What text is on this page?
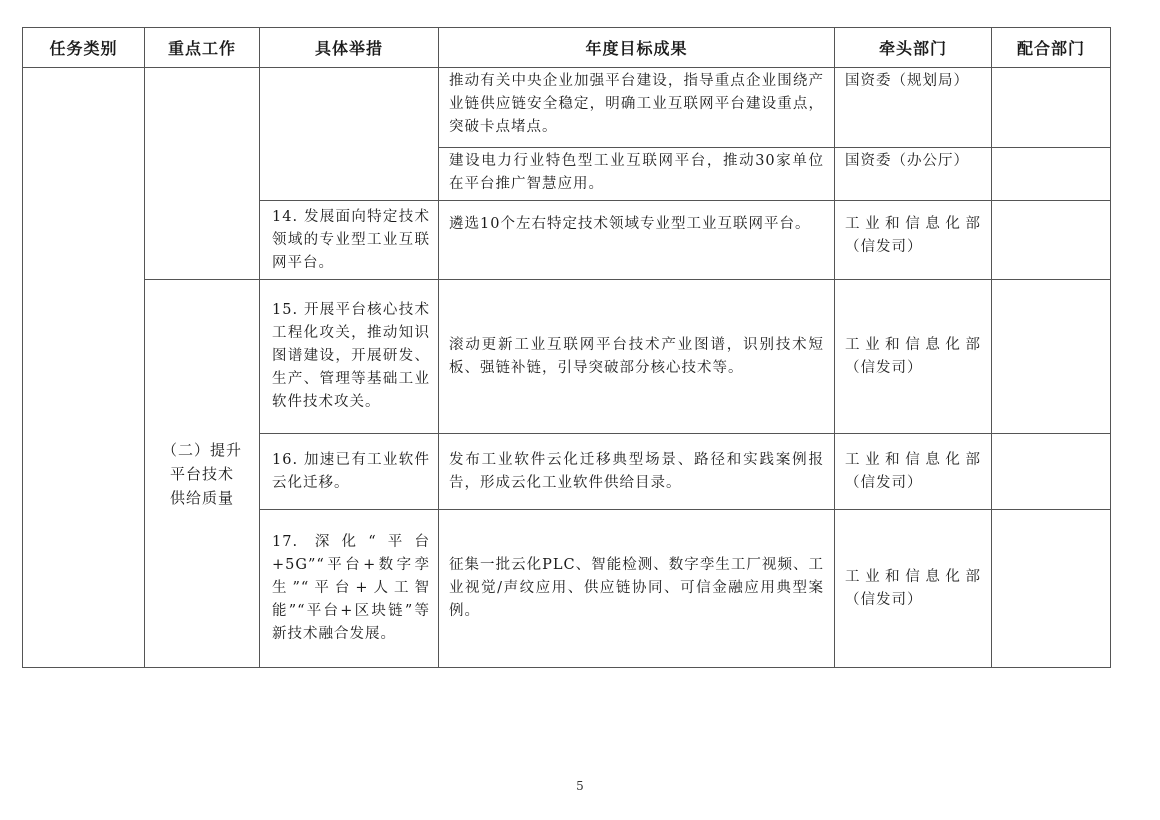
任务类别	重点工作	具体举措	年度目标成果	牵头部门	配合部门

			推动有关中央企业加强平台建设，指导重点企业围绕产业链供应链安全稳定，明确工业互联网平台建设重点，突破卡点堵点。	国资委（规划局）	

			建设电力行业特色型工业互联网平台，推动30家单位在平台推广智慧应用。	国资委（办公厅）	

		14. 发展面向特定技术领域的专业型工业互联网平台。	遴选10个左右特定技术领域专业型工业互联网平台。	工业和信息化部（信发司）	

	（二）提升
平台技术
供给质量	15. 开展平台核心技术工程化攻关，推动知识图谱建设，开展研发、生产、管理等基础工业软件技术攻关。	滚动更新工业互联网平台技术产业图谱，识别技术短板、强链补链，引导突破部分核心技术等。	工业和信息化部（信发司）	

		16. 加速已有工业软件云化迁移。	发布工业软件云化迁移典型场景、路径和实践案例报告，形成云化工业软件供给目录。	工业和信息化部（信发司）	

		17. 深化“平台+5G”“平台+数字孪生”“平台+人工智能”“平台+区块链”等新技术融合发展。	征集一批云化PLC、智能检测、数字孪生工厂视频、工业视觉/声纹应用、供应链协同、可信金融应用典型案例。	工业和信息化部（信发司）	

5
